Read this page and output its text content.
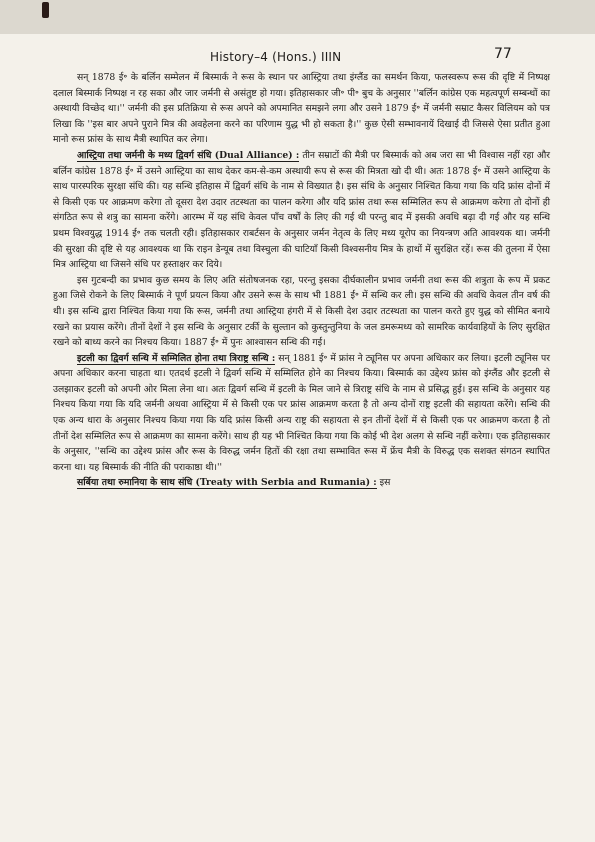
History–4 (Hons.) IIIN	77

सन् 1878 ई॰ के बर्लिन सम्मेलन में बिस्मार्क ने रूस के स्थान पर आस्ट्रिया तथा इंग्लैंड का समर्थन किया, फलस्वरूप रूस की दृष्टि में निष्पक्ष दलाल बिस्मार्क निष्पक्ष न रह सका और जार जर्मनी से असंतुष्ट हो गया। इतिहासकार जी॰ पी॰ बुच के अनुसार ''बर्लिन कांग्रेस एक महत्वपूर्ण सम्बन्धों का अस्थायी विच्छेद था।'' जर्मनी की इस प्रतिक्रिया से रूस अपने को अपमानित समझने लगा और उसने 1879 ई॰ में जर्मनी सम्राट कैसर विलियम को पत्र लिखा कि ''इस बार अपने पुराने मित्र की अवहेलना करने का परिणाम युद्ध भी हो सकता है।'' कुछ ऐसी सम्भावनायें दिखाई दी जिससे ऐसा प्रतीत हुआ मानो रूस फ्रांस के साथ मैत्री स्थापित कर लेगा।

आस्ट्रिया तथा जर्मनी के मध्य द्विवर्ग संधि (Dual Alliance) : तीन सम्राटों की मैत्री पर बिस्मार्क को अब जरा सा भी विश्वास नहीं रहा और बर्लिन कांग्रेस 1878 ई॰ में उसने आस्ट्रिया का साथ देकर कम-से-कम अस्थायी रूप से रूस की मित्रता खो दी थी। अतः 1878 ई॰ में उसने आस्ट्रिया के साथ पारस्परिक सुरक्षा संधि की। यह सन्धि इतिहास में द्विवर्ग संधि के नाम से विख्यात है। इस संधि के अनुसार निश्चित किया गया कि यदि फ्रांस दोनों में से किसी एक पर आक्रमण करेगा तो दूसरा देश उदार तटस्थता का पालन करेगा और यदि फ्रांस तथा रूस सम्मिलित रूप से आक्रमण करेगा तो दोनों ही संगठित रूप से शत्रु का सामना करेंगे। आरम्भ में यह संधि केवल पाँच वर्षों के लिए की गई थी परन्तु बाद में इसकी अवधि बढ़ा दी गई और यह सन्धि प्रथम विश्वयुद्ध 1914 ई॰ तक चलती रही। इतिहासकार राबर्टसन के अनुसार जर्मन नेतृत्व के लिए मध्य यूरोप का नियन्त्रण अति आवश्यक था। जर्मनी की सुरक्षा की दृष्टि से यह आवश्यक था कि राइन डेन्यूब तथा विस्चुला की घाटियाँ किसी विश्वसनीय मित्र के हाथों में सुरक्षित रहें। रूस की तुलना में ऐसा मित्र आस्ट्रिया था जिसने संधि पर हस्ताक्षर कर दिये।

इस गुटबन्दी का प्रभाव कुछ समय के लिए अति संतोषजनक रहा, परन्तु इसका दीर्घकालीन प्रभाव जर्मनी तथा रूस की शत्रुता के रूप में प्रकट हुआ जिसे रोकने के लिए बिस्मार्क ने पूर्ण प्रयत्न किया और उसने रूस के साथ भी 1881 ई॰ में सन्धि कर ली। इस सन्धि की अवधि केवल तीन वर्ष की थी। इस सन्धि द्वारा निश्चित किया गया कि रूस, जर्मनी तथा आस्ट्रिया हंगरी में से किसी देश उदार तटस्थता का पालन करते हुए युद्ध को सीमित बनाये रखने का प्रयास करेंगे। तीनों देशों ने इस सन्धि के अनुसार टर्की के सुल्तान को कुस्तुन्तुनिया के जल डमरूमध्य को सामरिक कार्यवाहियों के लिए सुरक्षित रखने को बाध्य करने का निश्चय किया। 1887 ई॰ में पुनः आश्वासन सन्धि की गई।

इटली का द्विवर्ग सन्धि में सम्मिलित होना तथा त्रिराष्ट्र सन्धि : सन् 1881 ई॰ में फ्रांस ने ट्यूनिस पर अपना अधिकार कर लिया। इटली ट्यूनिस पर अपना अधिकार करना चाहता था। एतदर्थ इटली ने द्विवर्ग सन्धि में सम्मिलित होने का निश्चय किया। बिस्मार्क का उद्देश्य फ्रांस को इंग्लैंड और इटली से उलझाकर इटली को अपनी ओर मिला लेना था। अतः द्विवर्ग सन्धि में इटली के मिल जाने से त्रिराष्ट्र संधि के नाम से प्रसिद्ध हुई। इस सन्धि के अनुसार यह निश्चय किया गया कि यदि जर्मनी अथवा आस्ट्रिया में से किसी एक पर फ्रांस आक्रमण करता है तो अन्य दोनों राष्ट्र इटली की सहायता करेंगे। सन्धि की एक अन्य धारा के अनुसार निश्चय किया गया कि यदि फ्रांस किसी अन्य राष्ट्र की सहायता से इन तीनों देशों में से किसी एक पर आक्रमण करता है तो तीनों देश सम्मिलित रूप से आक्रमण का सामना करेंगे। साथ ही यह भी निश्चित किया गया कि कोई भी देश अलग से सन्धि नहीं करेगा। एक इतिहासकार के अनुसार, ''सन्धि का उद्देश्य फ्रांस और रूस के विरुद्ध जर्मन हितों की रक्षा तथा सम्भावित रूस में फ्रेंच मैत्री के विरुद्ध एक सशक्त संगठन स्थापित करना था। यह बिस्मार्क की नीति की पराकाष्ठा थी।''

सर्बिया तथा रुमानिया के साथ संधि (Treaty with Serbia and Rumania) : इस
